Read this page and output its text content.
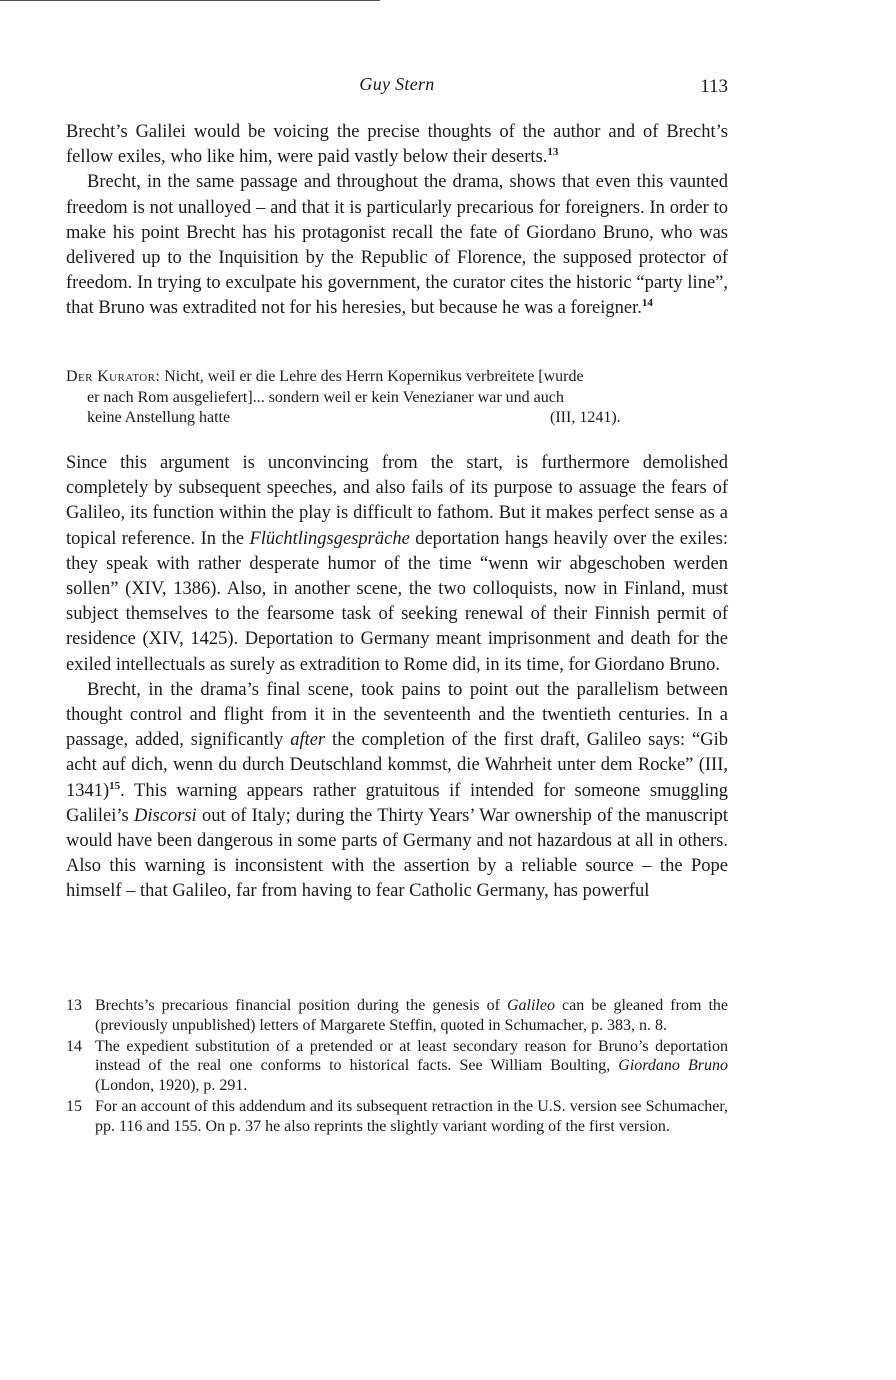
Guy Stern	113

Brecht’s Galilei would be voicing the precise thoughts of the author and of Brecht’s fellow exiles, who like him, were paid vastly below their deserts.$^{13}$

Brecht, in the same passage and throughout the drama, shows that even this vaunted freedom is not unalloyed – and that it is particularly precarious for foreigners. In order to make his point Brecht has his protagonist recall the fate of Giordano Bruno, who was delivered up to the Inquisition by the Republic of Florence, the supposed protector of freedom. In trying to exculpate his government, the curator cites the historic “party line”, that Bruno was extradited not for his heresies, but because he was a foreigner.$^{14}$

Der Kurator: Nicht, weil er die Lehre des Herrn Kopernikus verbreitete [wurde
er nach Rom ausgeliefert]... sondern weil er kein Venezianer war und auch
keine Anstellung hatte	(III, 1241).

Since this argument is unconvincing from the start, is furthermore demolished completely by subsequent speeches, and also fails of its purpose to assuage the fears of Galileo, its function within the play is difficult to fathom. But it makes perfect sense as a topical reference. In the Flüchtlingsgespräche deportation hangs heavily over the exiles: they speak with rather desperate humor of the time “wenn wir abgeschoben werden sollen” (XIV, 1386). Also, in another scene, the two colloquists, now in Finland, must subject themselves to the fearsome task of seeking renewal of their Finnish permit of residence (XIV, 1425). Deportation to Germany meant imprisonment and death for the exiled intellectuals as surely as extradition to Rome did, in its time, for Giordano Bruno.

Brecht, in the drama’s final scene, took pains to point out the parallelism between thought control and flight from it in the seventeenth and the twentieth centuries. In a passage, added, significantly after the completion of the first draft, Galileo says: “Gib acht auf dich, wenn du durch Deutschland kommst, die Wahrheit unter dem Rocke” (III, 1341)$^{15}$. This warning appears rather gratuitous if intended for someone smuggling Galilei’s Discorsi out of Italy; during the Thirty Years’ War ownership of the manuscript would have been dangerous in some parts of Germany and not hazardous at all in others. Also this warning is inconsistent with the assertion by a reliable source – the Pope himself – that Galileo, far from having to fear Catholic Germany, has powerful

13 Brechts’s precarious financial position during the genesis of Galileo can be gleaned from the (previously unpublished) letters of Margarete Steffin, quoted in Schumacher, p. 383, n. 8.
14 The expedient substitution of a pretended or at least secondary reason for Bruno’s deportation instead of the real one conforms to historical facts. See William Boulting, Giordano Bruno (London, 1920), p. 291.
15 For an account of this addendum and its subsequent retraction in the U.S. version see Schumacher, pp. 116 and 155. On p. 37 he also reprints the slightly variant wording of the first version.
